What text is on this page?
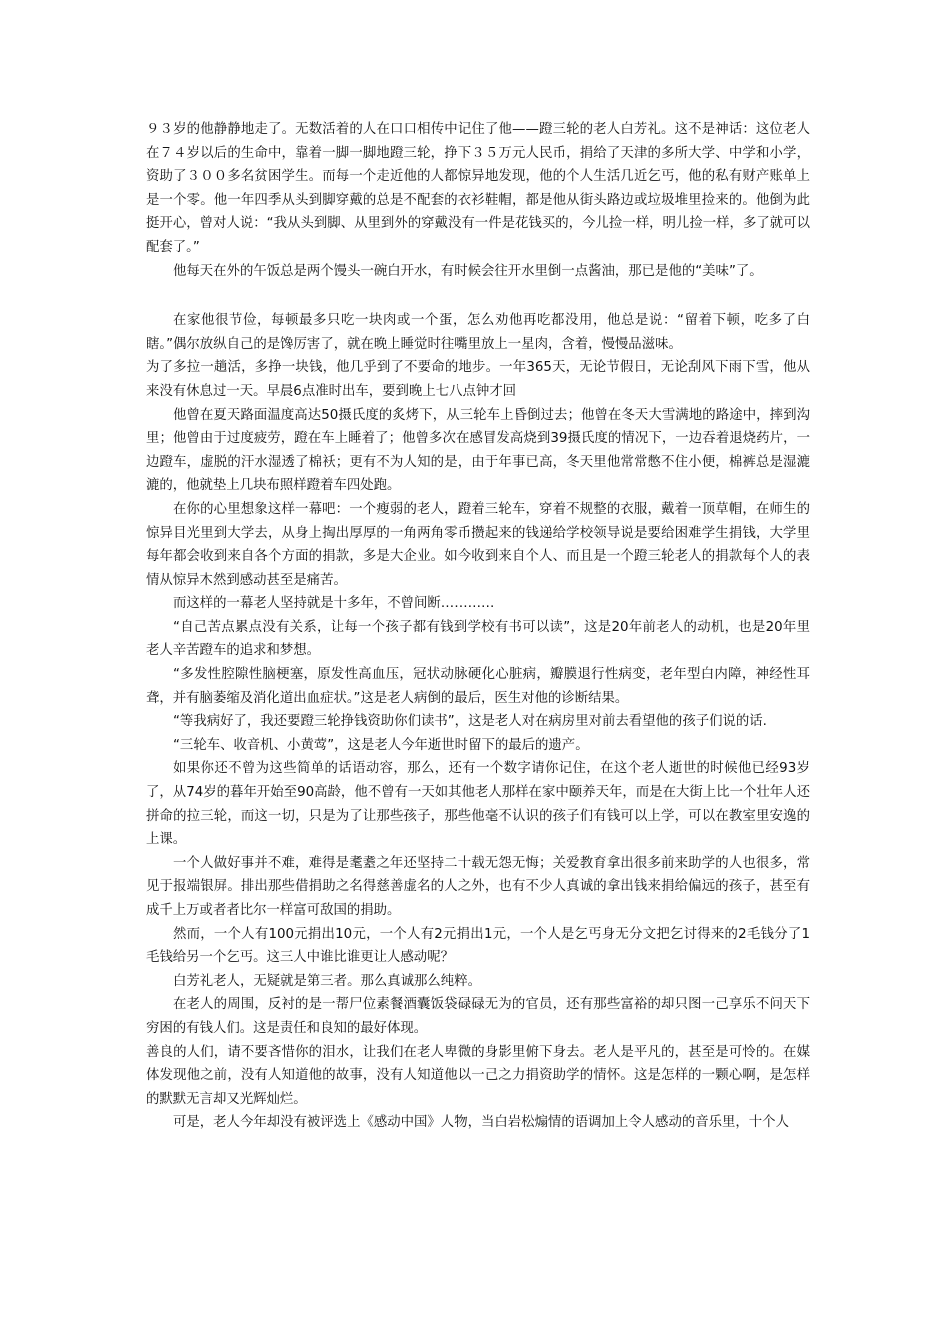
９３岁的他静静地走了。无数活着的人在口口相传中记住了他——蹬三轮的老人白芳礼。这不是神话：这位老人在７４岁以后的生命中，靠着一脚一脚地蹬三轮，挣下３５万元人民币，捐给了天津的多所大学、中学和小学，资助了３００多名贫困学生。而每一个走近他的人都惊异地发现，他的个人生活几近乞丐，他的私有财产账单上是一个零。他一年四季从头到脚穿戴的总是不配套的衣衫鞋帽，都是他从街头路边或垃圾堆里捡来的。他倒为此挺开心，曾对人说：“我从头到脚、从里到外的穿戴没有一件是花钱买的，今儿捡一样，明儿捡一样，多了就可以配套了。”

他每天在外的午饭总是两个馒头一碗白开水，有时候会往开水里倒一点酱油，那已是他的“美味”了。

在家他很节俭，每顿最多只吃一块肉或一个蛋，怎么劝他再吃都没用，他总是说：“留着下顿，吃多了白瞎。”偶尔放纵自己的是馋厉害了，就在晚上睡觉时往嘴里放上一星肉，含着，慢慢品滋味。

为了多拉一趟活，多挣一块钱，他几乎到了不要命的地步。一年365天，无论节假日，无论刮风下雨下雪，他从来没有休息过一天。早晨6点准时出车，要到晚上七八点钟才回

他曾在夏天路面温度高达50摄氏度的炙烤下，从三轮车上昏倒过去；他曾在冬天大雪满地的路途中，摔到沟里；他曾由于过度疲劳，蹬在车上睡着了；他曾多次在感冒发高烧到39摄氏度的情况下，一边吞着退烧药片，一边蹬车，虚脱的汗水湿透了棉袄；更有不为人知的是，由于年事已高，冬天里他常常憋不住小便，棉裤总是湿漉漉的，他就垫上几块布照样蹬着车四处跑。

在你的心里想象这样一幕吧：一个瘦弱的老人，蹬着三轮车，穿着不规整的衣服，戴着一顶草帽，在师生的惊异目光里到大学去，从身上掏出厚厚的一角两角零币攒起来的钱递给学校领导说是要给困难学生捐钱，大学里每年都会收到来自各个方面的捐款，多是大企业。如今收到来自个人、而且是一个蹬三轮老人的捐款每个人的表情从惊异木然到感动甚至是痛苦。

而这样的一幕老人坚持就是十多年，不曾间断…………

“自己苦点累点没有关系，让每一个孩子都有钱到学校有书可以读”，这是20年前老人的动机，也是20年里老人辛苦蹬车的追求和梦想。

“多发性腔隙性脑梗塞，原发性高血压，冠状动脉硬化心脏病，瓣膜退行性病变，老年型白内障，神经性耳聋，并有脑萎缩及消化道出血症状。”这是老人病倒的最后，医生对他的诊断结果。

“等我病好了，我还要蹬三轮挣钱资助你们读书”，这是老人对在病房里对前去看望他的孩子们说的话.

“三轮车、收音机、小黄莺”，这是老人今年逝世时留下的最后的遗产。

如果你还不曾为这些简单的话语动容，那么，还有一个数字请你记住，在这个老人逝世的时候他已经93岁了，从74岁的暮年开始至90高龄，他不曾有一天如其他老人那样在家中颐养天年，而是在大街上比一个壮年人还拼命的拉三轮，而这一切，只是为了让那些孩子，那些他毫不认识的孩子们有钱可以上学，可以在教室里安逸的上课。

一个人做好事并不难，难得是耄耋之年还坚持二十载无怨无悔；关爱教育拿出很多前来助学的人也很多，常见于报端银屏。排出那些借捐助之名得慈善虚名的人之外，也有不少人真诚的拿出钱来捐给偏远的孩子，甚至有成千上万或者者比尔一样富可敌国的捐助。

然而，一个人有100元捐出10元，一个人有2元捐出1元，一个人是乞丐身无分文把乞讨得来的2毛钱分了1毛钱给另一个乞丐。这三人中谁比谁更让人感动呢？

白芳礼老人，无疑就是第三者。那么真诚那么纯粹。

在老人的周围，反衬的是一帮尸位素餐酒囊饭袋碌碌无为的官员，还有那些富裕的却只图一己享乐不问天下穷困的有钱人们。这是责任和良知的最好体现。

善良的人们，请不要吝惜你的泪水，让我们在老人卑微的身影里俯下身去。老人是平凡的，甚至是可怜的。在媒体发现他之前，没有人知道他的故事，没有人知道他以一己之力捐资助学的情怀。这是怎样的一颗心啊，是怎样的默默无言却又光辉灿烂。

可是，老人今年却没有被评选上《感动中国》人物，当白岩松煽情的语调加上令人感动的音乐里，十个人
